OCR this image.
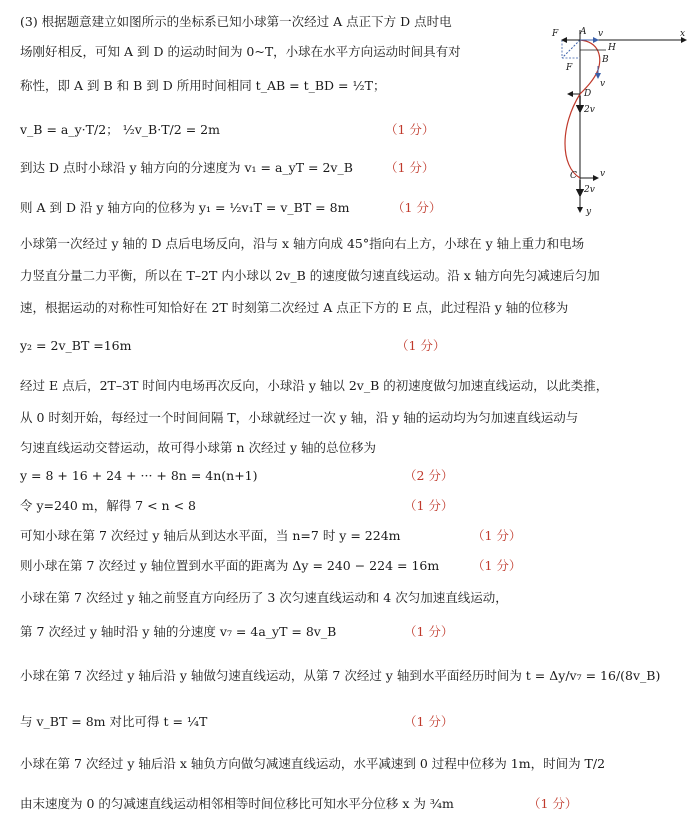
(3) 根据题意建立如图所示的坐标系已知小球第一次经过 A 点正下方 D 点时电
场刚好相反，可知 A 到 D 的运动时间为 0~T，小球在水平方向运动时间具有对
称性，即 A 到 B 和 B 到 D 所用时间相同 t_AB = t_BD = ½T；
v_B = a_y·T/2； ½v_B·T/2 = 2m	（1 分）
到达 D 点时小球沿 y 轴方向的分速度为 v₁ = a_yT = 2v_B	（1 分）
则 A 到 D 沿 y 轴方向的位移为 y₁ = ½v₁T = v_BT = 8m	（1 分）
小球第一次经过 y 轴的 D 点后电场反向，沿与 x 轴方向成 45°指向右上方，小球在 y 轴上重力和电场
力竖直分量二力平衡，所以在 T–2T 内小球以 2v_B 的速度做匀速直线运动。沿 x 轴方向先匀减速后匀加
速，根据运动的对称性可知恰好在 2T 时刻第二次经过 A 点正下方的 E 点，此过程沿 y 轴的位移为
y₂ = 2v_BT =16m	（1 分）
经过 E 点后，2T–3T 时间内电场再次反向，小球沿 y 轴以 2v_B 的初速度做匀加速直线运动，以此类推，
从 0 时刻开始，每经过一个时间间隔 T，小球就经过一次 y 轴，沿 y 轴的运动均为匀加速直线运动与
匀速直线运动交替运动，故可得小球第 n 次经过 y 轴的总位移为
y = 8 + 16 + 24 + ··· + 8n = 4n(n+1)	（2 分）
令 y=240 m，解得 7 < n < 8	（1 分）
可知小球在第 7 次经过 y 轴后从到达水平面，当 n=7 时 y = 224m	（1 分）
则小球在第 7 次经过 y 轴位置到水平面的距离为 Δy = 240 − 224 = 16m	（1 分）
小球在第 7 次经过 y 轴之前竖直方向经历了 3 次匀速直线运动和 4 次匀加速直线运动，
第 7 次经过 y 轴时沿 y 轴的分速度 v₇ = 4a_yT = 8v_B	（1 分）
小球在第 7 次经过 y 轴后沿 y 轴做匀速直线运动，从第 7 次经过 y 轴到水平面经历时间为 t = Δy/v₇ = 16/(8v_B)
与 v_BT = 8m 对比可得 t = ¼T	（1 分）
小球在第 7 次经过 y 轴后沿 x 轴负方向做匀减速直线运动，水平减速到 0 过程中位移为 1m，时间为 T/2
由末速度为 0 的匀减速直线运动相邻相等时间位移比可知水平分位移 x 为 ¾m	（1 分）
F A v	x
H
B
F
v
D
2v
C
2v
v
y
